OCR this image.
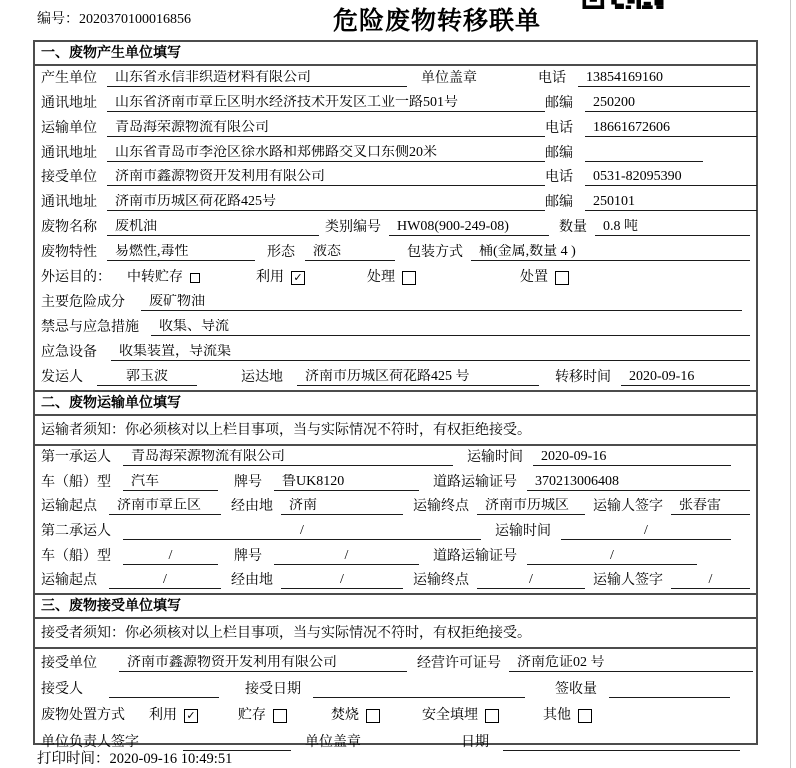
编号：2020370100016856	危险废物转移联单
一、废物产生单位填写
产生单位	山东省永信非织造材料有限公司	单位盖章	电话	13854169160
通讯地址	山东省济南市章丘区明水经济技术开发区工业一路501号	邮编	250200
运输单位	青岛海荣源物流有限公司	电话	18661672606
通讯地址	山东省青岛市李沧区徐水路和郑佛路交叉口东侧20米	邮编
接受单位	济南市鑫源物资开发利用有限公司	电话	0531-82095390
通讯地址	济南市历城区荷花路425号	邮编	250101
废物名称	废机油	类别编号	HW08(900-249-08)	数量	0.8 吨
废物特性	易燃性,毒性	形态	液态	包装方式	桶(金属,数量 4 )
外运目的： 中转贮存	利用 ✓	处理	处置
主要危险成分	废矿物油
禁忌与应急措施	收集、导流
应急设备	收集装置，导流渠
发运人	郭玉波	运达地	济南市历城区荷花路425 号	转移时间	2020-09-16
二、废物运输单位填写
运输者须知：你必须核对以上栏目事项，当与实际情况不符时，有权拒绝接受。
第一承运人	青岛海荣源物流有限公司	运输时间	2020-09-16
车（船）型	汽车	牌号	鲁UK8120	道路运输证号	370213006408
运输起点	济南市章丘区	经由地	济南	运输终点	济南市历城区	运输人签字	张春雷
第二承运人	/	运输时间	/
车（船）型	/	牌号	/	道路运输证号	/
运输起点	/	经由地	/	运输终点	/	运输人签字	/
三、废物接受单位填写
接受者须知：你必须核对以上栏目事项，当与实际情况不符时，有权拒绝接受。
接受单位	济南市鑫源物资开发利用有限公司	经营许可证号	济南危证02 号
接受人	接受日期	签收量
废物处置方式 利用 ✓	贮存	焚烧	安全填埋	其他
单位负责人签字	单位盖章	日期
打印时间：2020-09-16 10:49:51
